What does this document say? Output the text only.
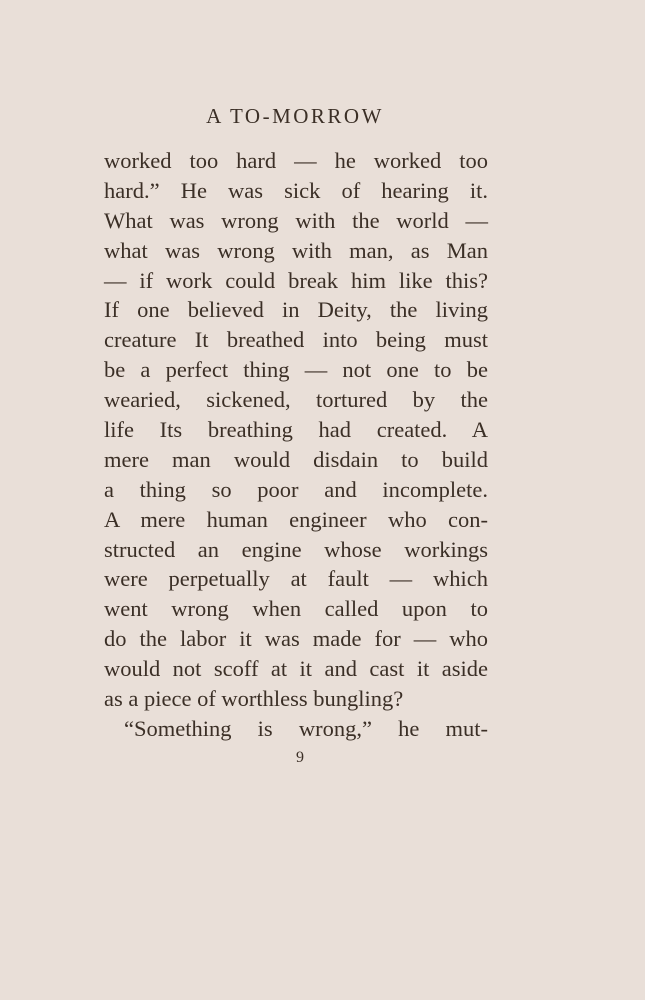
A TO-MORROW
worked too hard — he worked too
hard.” He was sick of hearing it.
What was wrong with the world —
what was wrong with man, as Man
— if work could break him like this?
If one believed in Deity, the living
creature It breathed into being must
be a perfect thing — not one to be
wearied, sickened, tortured by the
life Its breathing had created. A
mere man would disdain to build
a thing so poor and incomplete.
A mere human engineer who con-
structed an engine whose workings
were perpetually at fault — which
went wrong when called upon to
do the labor it was made for — who
would not scoff at it and cast it aside
as a piece of worthless bungling?
“Something is wrong,” he mut-
9
